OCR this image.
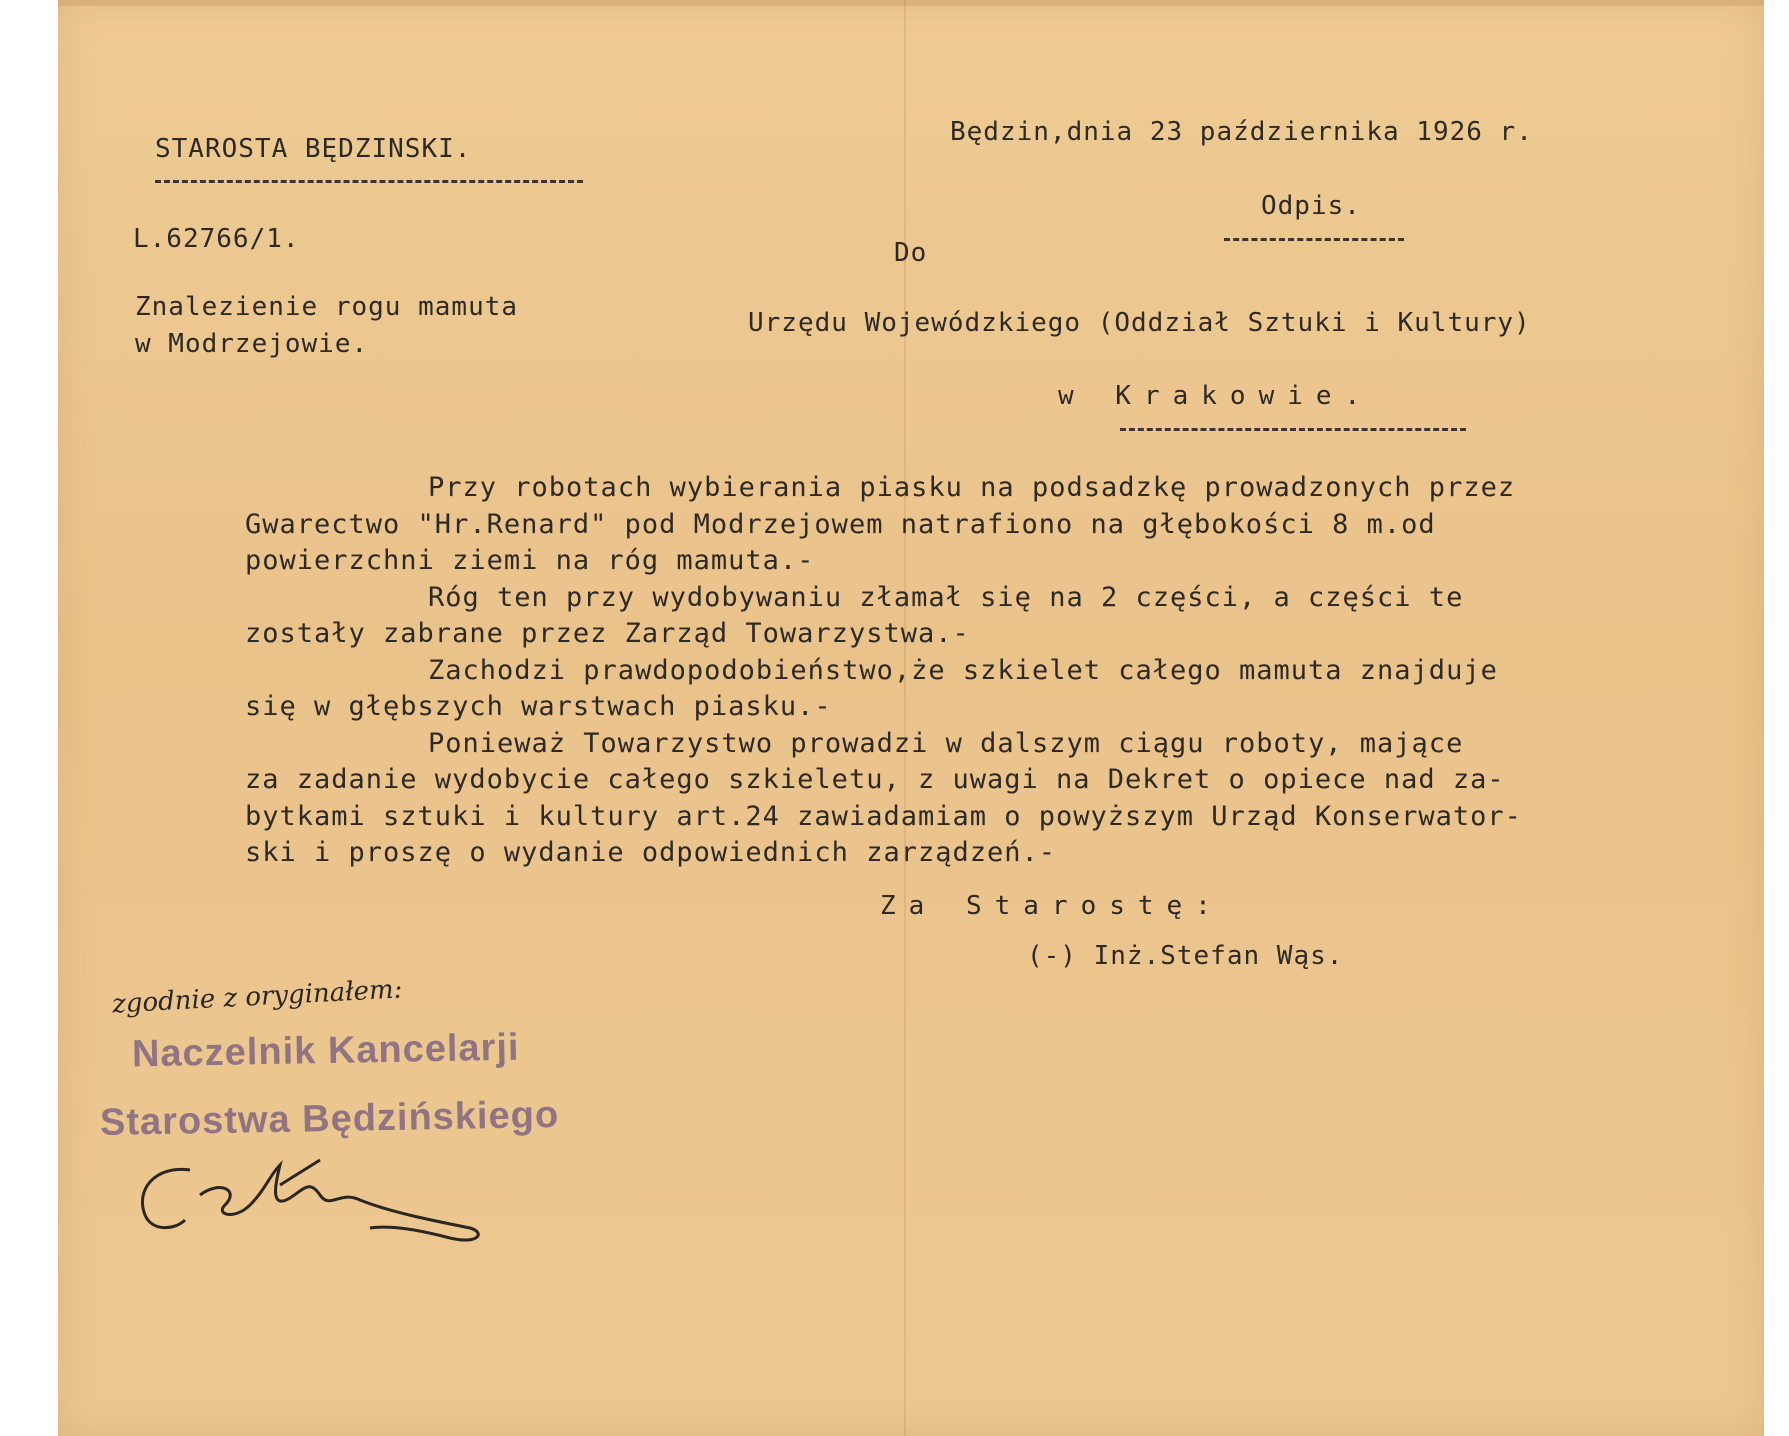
STAROSTA BĘDZINSKI.
L.62766/1.
Znalezienie rogu mamuta
w Modrzejowie.
Będzin,dnia 23 października 1926 r.
Odpis.
Do
Urzędu Wojewódzkiego (Oddział Sztuki i Kultury)
w Krakowie.
Przy robotach wybierania piasku na podsadzkę prowadzonych przez
Gwarectwo "Hr.Renard" pod Modrzejowem natrafiono na głębokości 8 m.od
powierzchni ziemi na róg mamuta.-
Róg ten przy wydobywaniu złamał się na 2 części, a części te
zostały zabrane przez Zarząd Towarzystwa.-
Zachodzi prawdopodobieństwo,że szkielet całego mamuta znajduje
się w głębszych warstwach piasku.-
Ponieważ Towarzystwo prowadzi w dalszym ciągu roboty, mające
za zadanie wydobycie całego szkieletu, z uwagi na Dekret o opiece nad za-
bytkami sztuki i kultury art.24 zawiadamiam o powyższym Urząd Konserwator-
ski i proszę o wydanie odpowiednich zarządzeń.-
Za Starostę:
(-) Inż.Stefan Wąs.
zgodnie z oryginałem:
Naczelnik Kancelarji
Starostwa Będzińskiego
